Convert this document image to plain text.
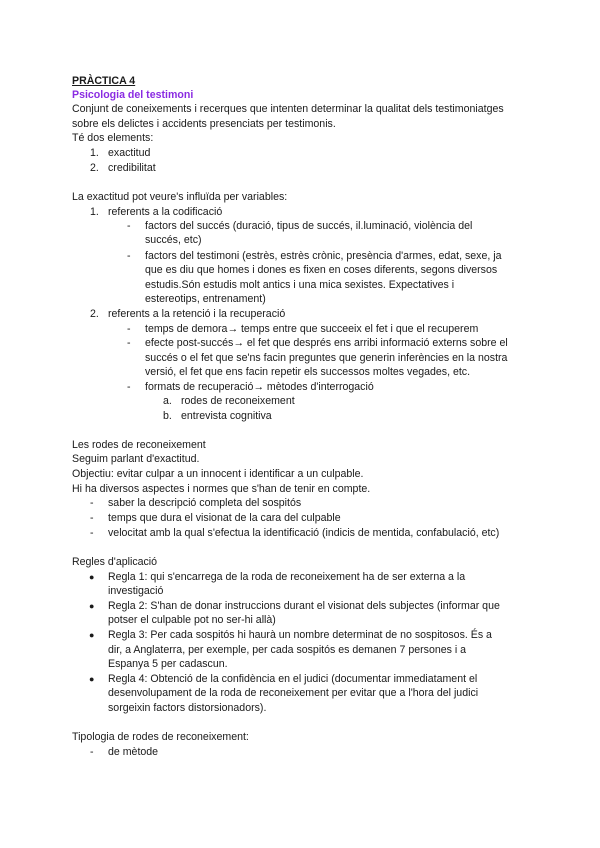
PRÀCTICA 4
Psicologia del testimoni
Conjunt de coneixements i recerques que intenten determinar la qualitat dels testimoniatges
sobre els delictes i accidents presenciats per testimonis.
Té dos elements:
1. exactitud
2. credibilitat
La exactitud pot veure's influïda per variables:
1. referents a la codificació
- factors del succés (duració, tipus de succés, il.luminació, violència del
succés, etc)
- factors del testimoni (estrès, estrès crònic, presència d'armes, edat, sexe, ja
que es diu que homes i dones es fixen en coses diferents, segons diversos
estudis.Són estudis molt antics i una mica sexistes. Expectatives i
estereotips, entrenament)
2. referents a la retenció i la recuperació
- temps de demora→ temps entre que succeeix el fet i que el recuperem
- efecte post-succés→ el fet que després ens arribi informació externs sobre el
succés o el fet que se'ns facin preguntes que generin inferències en la nostra
versió, el fet que ens facin repetir els successos moltes vegades, etc.
- formats de recuperació→ mètodes d'interrogació
a. rodes de reconeixement
b. entrevista cognitiva
Les rodes de reconeixement
Seguim parlant d'exactitud.
Objectiu: evitar culpar a un innocent i identificar a un culpable.
Hi ha diversos aspectes i normes que s'han de tenir en compte.
- saber la descripció completa del sospitós
- temps que dura el visionat de la cara del culpable
- velocitat amb la qual s'efectua la identificació (indicis de mentida, confabulació, etc)
Regles d'aplicació
● Regla 1: qui s'encarrega de la roda de reconeixement ha de ser externa a la
investigació
● Regla 2: S'han de donar instruccions durant el visionat dels subjectes (informar que
potser el culpable pot no ser-hi allà)
● Regla 3: Per cada sospitós hi haurà un nombre determinat de no sospitosos. És a
dir, a Anglaterra, per exemple, per cada sospitós es demanen 7 persones i a
Espanya 5 per cadascun.
● Regla 4: Obtenció de la confidència en el judici (documentar immediatament el
desenvolupament de la roda de reconeixement per evitar que a l'hora del judici
sorgeixin factors distorsionadors).
Tipologia de rodes de reconeixement:
- de mètode
